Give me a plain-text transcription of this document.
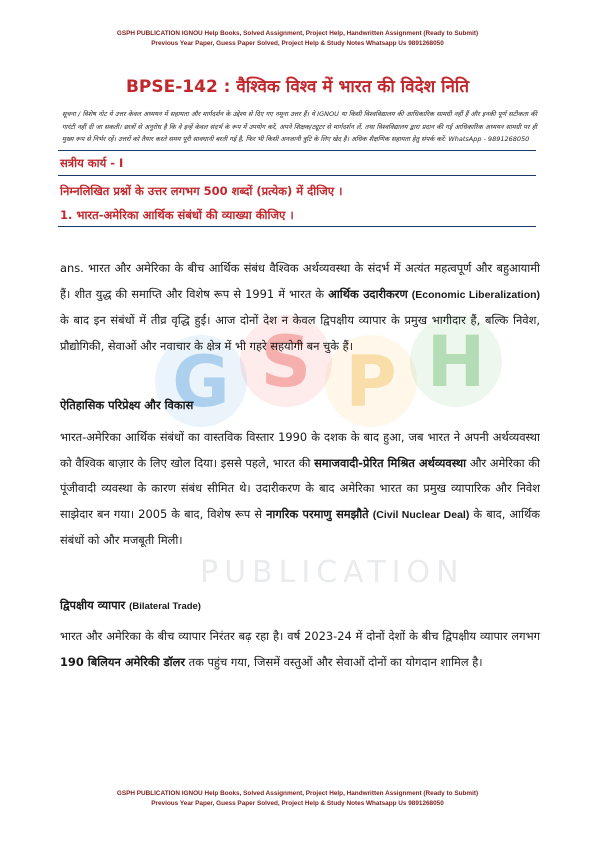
PUBLICATION
G S P H
GSPH PUBLICATION IGNOU Help Books, Solved Assignment, Project Help, Handwritten Assignment (Ready to Submit)
Previous Year Paper, Guess Paper Solved, Project Help & Study Notes Whatsapp Us 9891268050
BPSE-142 : वैश्विक विश्व में भारत की विदेश निति
सूचना / विशेष नोट ये उत्तर केवल अध्ययन में सहायता और मार्गदर्शन के उद्देश्य से दिए गए नमूना उत्तर हैं। ये IGNOU या किसी विश्वविद्यालय की आधिकारिक सामग्री नहीं हैं और इनकी पूर्ण सटीकता की गारंटी नहीं दी जा सकती। छात्रों से अनुरोध है कि वे इन्हें केवल संदर्भ के रूप में उपयोग करें, अपने शिक्षक/ट्यूटर से मार्गदर्शन लें, तथा विश्वविद्यालय द्वारा प्रदान की गई आधिकारिक अध्ययन सामग्री पर ही मुख्य रूप से निर्भर रहें। उत्तरों को तैयार करते समय पूरी सावधानी बरती गई है, फिर भी किसी अनजानी त्रुटि के लिए खेद है। अधिक शैक्षणिक सहायता हेतु संपर्क करें: WhatsApp - 9891268050
सत्रीय कार्य - I
निम्नलिखित प्रश्नों के उत्तर लगभग 500 शब्दों (प्रत्येक) में दीजिए ।
1. भारत-अमेरिका आर्थिक संबंधों की व्याख्या कीजिए ।
ans. भारत और अमेरिका के बीच आर्थिक संबंध वैश्विक अर्थव्यवस्था के संदर्भ में अत्यंत महत्वपूर्ण और बहुआयामी हैं। शीत युद्ध की समाप्ति और विशेष रूप से 1991 में भारत के आर्थिक उदारीकरण (Economic Liberalization) के बाद इन संबंधों में तीव्र वृद्धि हुई। आज दोनों देश न केवल द्विपक्षीय व्यापार के प्रमुख भागीदार हैं, बल्कि निवेश, प्रौद्योगिकी, सेवाओं और नवाचार के क्षेत्र में भी गहरे सहयोगी बन चुके हैं।
ऐतिहासिक परिप्रेक्ष्य और विकास
भारत-अमेरिका आर्थिक संबंधों का वास्तविक विस्तार 1990 के दशक के बाद हुआ, जब भारत ने अपनी अर्थव्यवस्था को वैश्विक बाज़ार के लिए खोल दिया। इससे पहले, भारत की समाजवादी-प्रेरित मिश्रित अर्थव्यवस्था और अमेरिका की पूंजीवादी व्यवस्था के कारण संबंध सीमित थे। उदारीकरण के बाद अमेरिका भारत का प्रमुख व्यापारिक और निवेश साझेदार बन गया। 2005 के बाद, विशेष रूप से नागरिक परमाणु समझौते (Civil Nuclear Deal) के बाद, आर्थिक संबंधों को और मजबूती मिली।
द्विपक्षीय व्यापार (Bilateral Trade)
भारत और अमेरिका के बीच व्यापार निरंतर बढ़ रहा है। वर्ष 2023-24 में दोनों देशों के बीच द्विपक्षीय व्यापार लगभग 190 बिलियन अमेरिकी डॉलर तक पहुंच गया, जिसमें वस्तुओं और सेवाओं दोनों का योगदान शामिल है।
GSPH PUBLICATION IGNOU Help Books, Solved Assignment, Project Help, Handwritten Assignment (Ready to Submit)
Previous Year Paper, Guess Paper Solved, Project Help & Study Notes Whatsapp Us 9891268050
